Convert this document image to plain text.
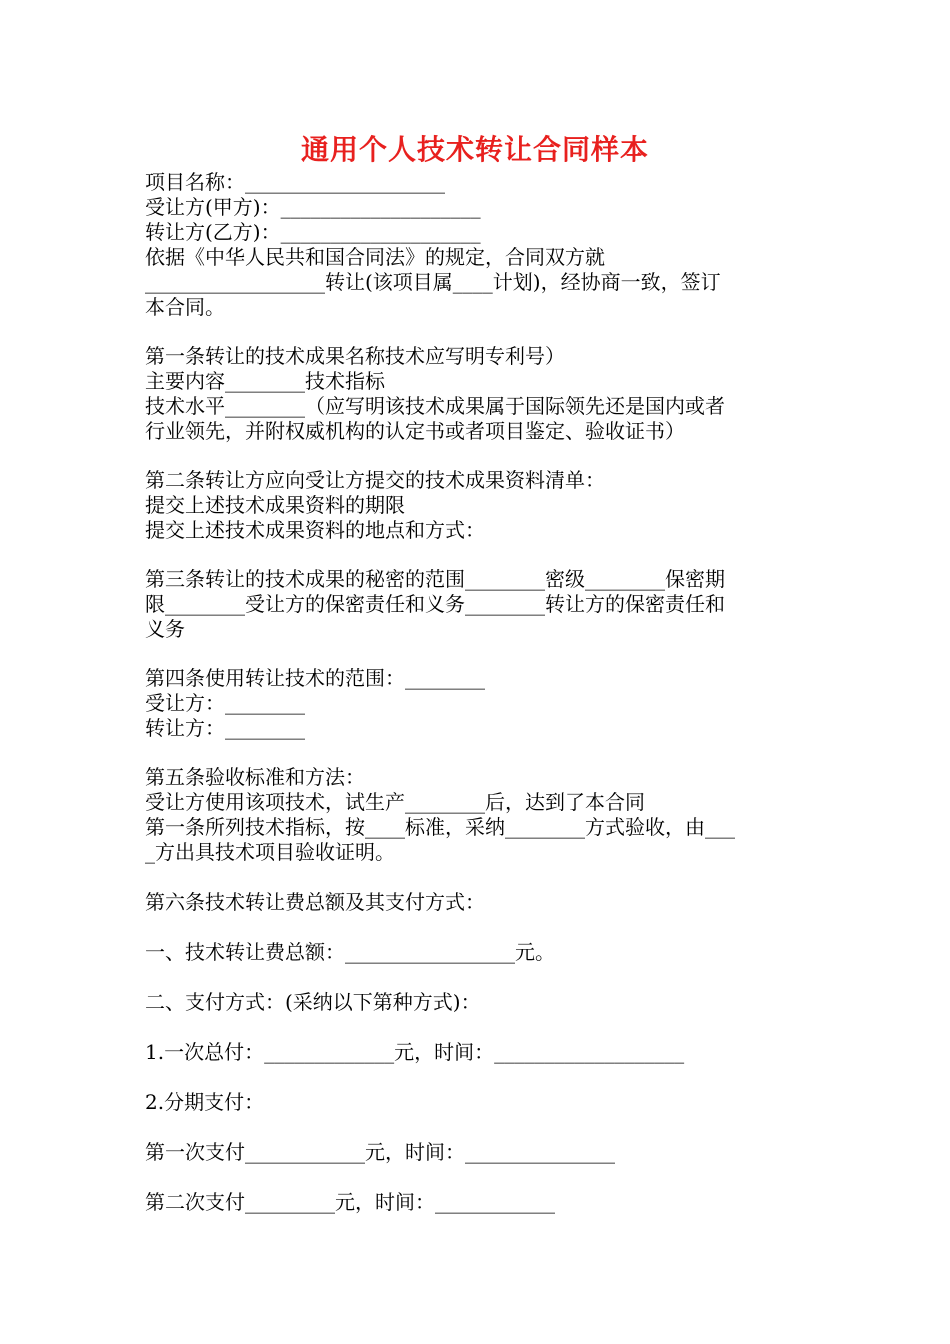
通用个人技术转让合同样本

项目名称：____________________

受让方(甲方)：____________________

转让方(乙方)：____________________

依据《中华人民共和国合同法》的规定，合同双方就

__________________转让(该项目属____计划)，经协商一致，签订

本合同。

第一条转让的技术成果名称技术应写明专利号）

主要内容________技术指标

技术水平________（应写明该技术成果属于国际领先还是国内或者

行业领先，并附权威机构的认定书或者项目鉴定、验收证书）

第二条转让方应向受让方提交的技术成果资料清单：

提交上述技术成果资料的期限

提交上述技术成果资料的地点和方式：

第三条转让的技术成果的秘密的范围________密级________保密期

限________受让方的保密责任和义务________转让方的保密责任和

义务

第四条使用转让技术的范围：________

受让方：________

转让方：________

第五条验收标准和方法：

受让方使用该项技术，试生产________后，达到了本合同

第一条所列技术指标，按____标准，采纳________方式验收，由___

_方出具技术项目验收证明。

第六条技术转让费总额及其支付方式：

一、技术转让费总额：_________________元。

二、支付方式：(采纳以下第种方式)：

1.一次总付：_____________元，时间：___________________

2.分期支付：

第一次支付____________元，时间：_______________

第二次支付_________元，时间：____________
